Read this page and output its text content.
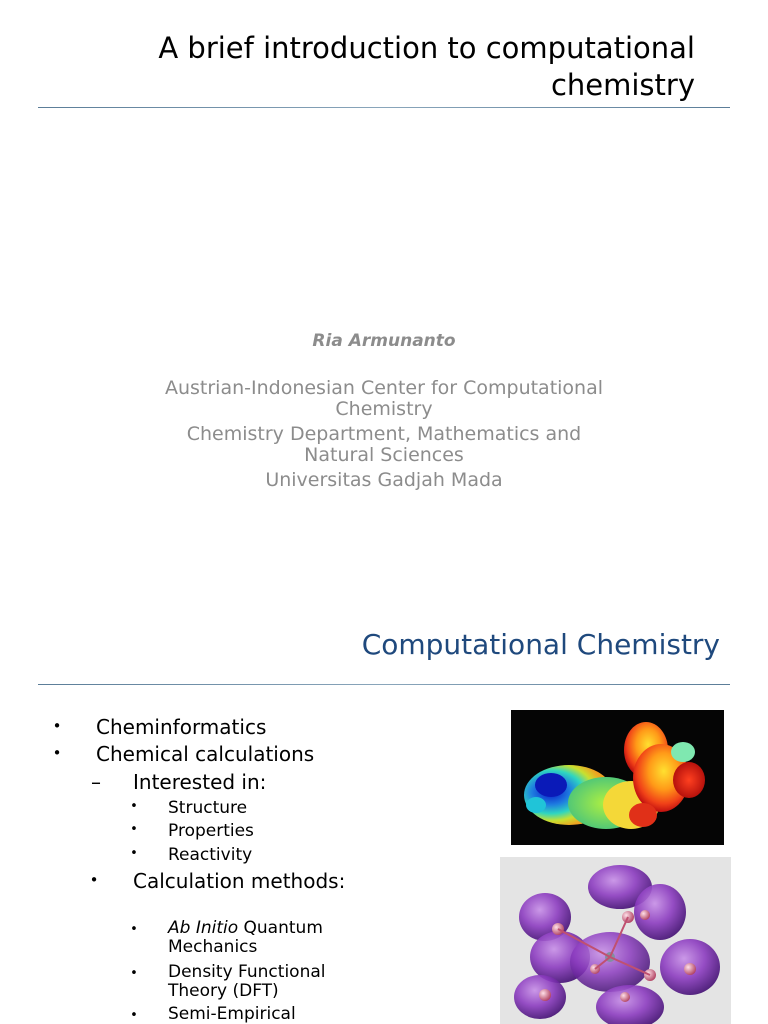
A brief introduction to computational
chemistry
Ria Armunanto
Austrian-Indonesian Center for Computational
Chemistry
Chemistry Department, Mathematics and
Natural Sciences
Universitas Gadjah Mada
Computational Chemistry
• Cheminformatics
• Chemical calculations
– Interested in:
• Structure
• Properties
• Reactivity
• Calculation methods:
• Ab Initio Quantum Mechanics
• Density Functional Theory (DFT)
• Semi-Empirical
